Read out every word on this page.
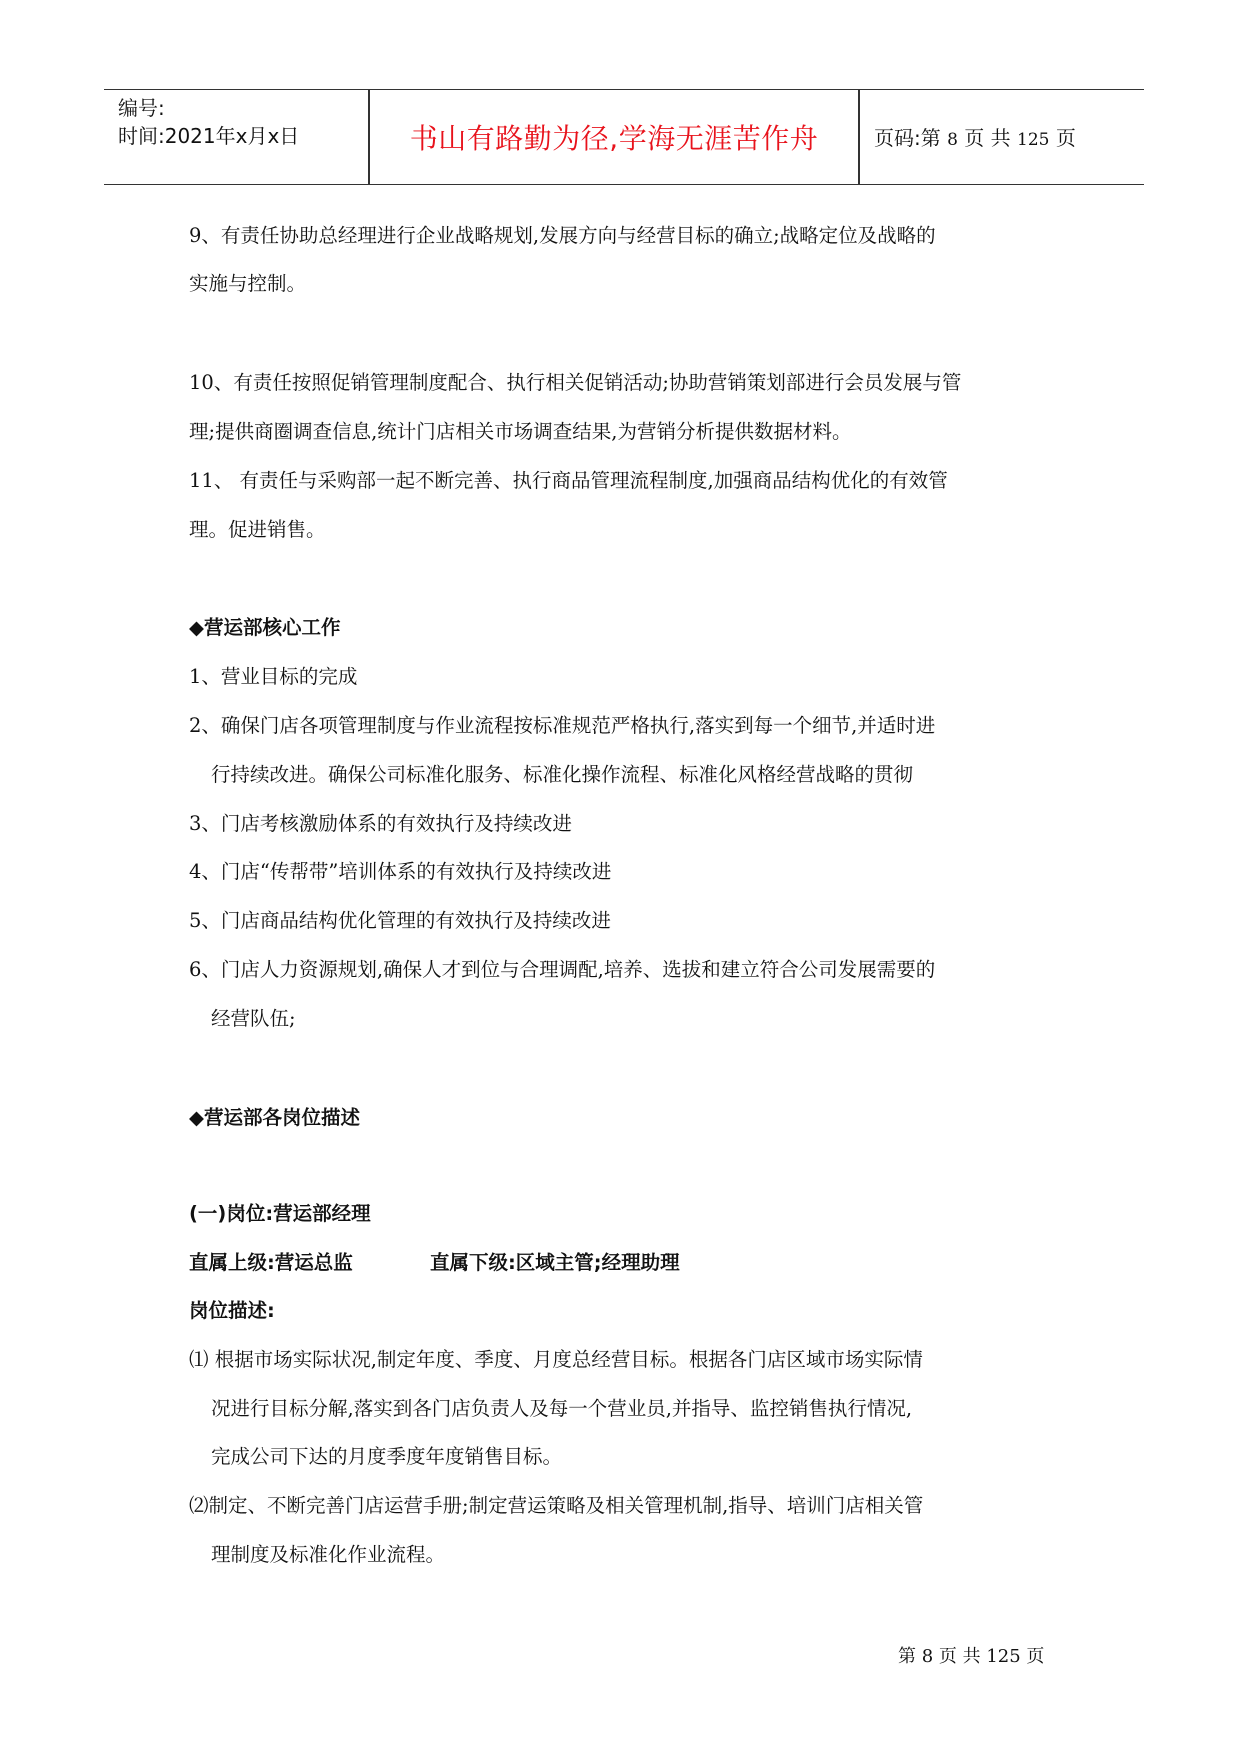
编号:
时间:2021年x月x日	书山有路勤为径,学海无涯苦作舟	页码:第 8 页 共 125 页
9、有责任协助总经理进行企业战略规划,发展方向与经营目标的确立;战略定位及战略的
实施与控制。
10、有责任按照促销管理制度配合、执行相关促销活动;协助营销策划部进行会员发展与管
理;提供商圈调查信息,统计门店相关市场调查结果,为营销分析提供数据材料。
11、 有责任与采购部一起不断完善、执行商品管理流程制度,加强商品结构优化的有效管
理。促进销售。
◆营运部核心工作
1、营业目标的完成
2、确保门店各项管理制度与作业流程按标准规范严格执行,落实到每一个细节,并适时进
行持续改进。确保公司标准化服务、标准化操作流程、标准化风格经营战略的贯彻
3、门店考核激励体系的有效执行及持续改进
4、门店“传帮带”培训体系的有效执行及持续改进
5、门店商品结构优化管理的有效执行及持续改进
6、门店人力资源规划,确保人才到位与合理调配,培养、选拔和建立符合公司发展需要的
经营队伍;
◆营运部各岗位描述
(一)岗位:营运部经理
直属上级:营运总监	直属下级:区域主管;经理助理
岗位描述:
⑴ 根据市场实际状况,制定年度、季度、月度总经营目标。根据各门店区域市场实际情
况进行目标分解,落实到各门店负责人及每一个营业员,并指导、监控销售执行情况,
完成公司下达的月度季度年度销售目标。
⑵制定、不断完善门店运营手册;制定营运策略及相关管理机制,指导、培训门店相关管
理制度及标准化作业流程。
第 8 页 共 125 页
